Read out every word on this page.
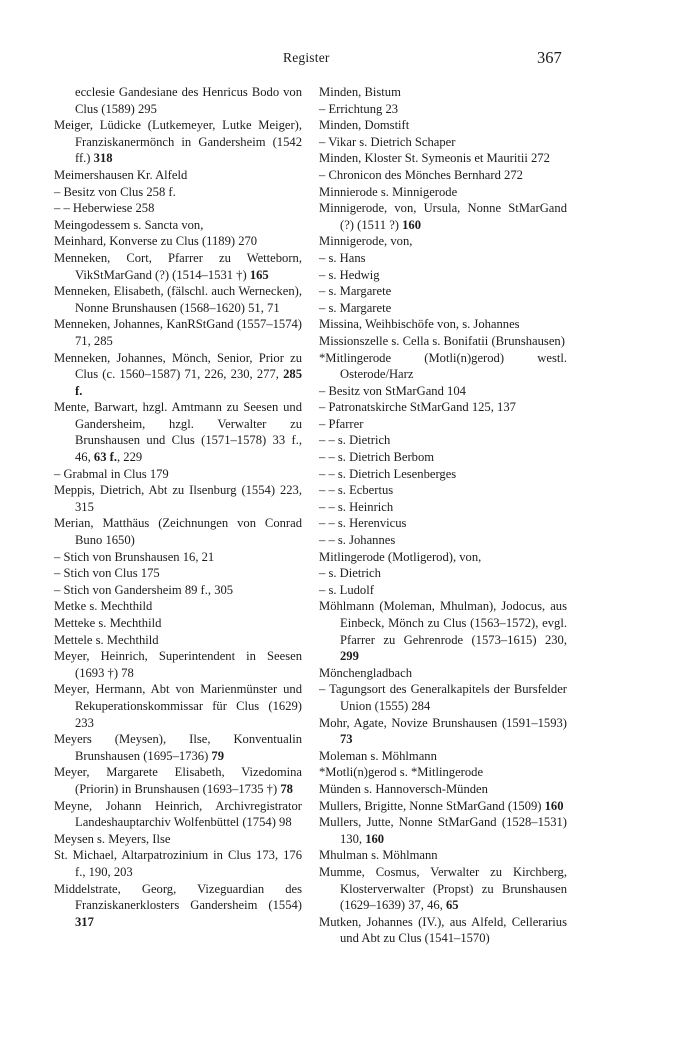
Register	367
ecclesie Gandesiane des Henricus Bodo von Clus (1589) 295
Meiger, Lüdicke (Lutkemeyer, Lutke Meiger), Franziskanermönch in Gandersheim (1542 ff.) 318
Meimershausen Kr. Alfeld
– Besitz von Clus 258 f.
– – Heberwiese 258
Meingodessem s. Sancta von,
Meinhard, Konverse zu Clus (1189) 270
Menneken, Cort, Pfarrer zu Wetteborn, VikStMarGand (?) (1514–1531 †) 165
Menneken, Elisabeth, (fälschl. auch Wernecken), Nonne Brunshausen (1568–1620) 51, 71
Menneken, Johannes, KanRStGand (1557–1574) 71, 285
Menneken, Johannes, Mönch, Senior, Prior zu Clus (c. 1560–1587) 71, 226, 230, 277, 285 f.
Mente, Barwart, hzgl. Amtmann zu Seesen und Gandersheim, hzgl. Verwalter zu Brunshausen und Clus (1571–1578) 33 f., 46, 63 f., 229
– Grabmal in Clus 179
Meppis, Dietrich, Abt zu Ilsenburg (1554) 223, 315
Merian, Matthäus (Zeichnungen von Conrad Buno 1650)
– Stich von Brunshausen 16, 21
– Stich von Clus 175
– Stich von Gandersheim 89 f., 305
Metke s. Mechthild
Metteke s. Mechthild
Mettele s. Mechthild
Meyer, Heinrich, Superintendent in Seesen (1693 †) 78
Meyer, Hermann, Abt von Marienmünster und Rekuperationskommissar für Clus (1629) 233
Meyers (Meysen), Ilse, Konventualin Brunshausen (1695–1736) 79
Meyer, Margarete Elisabeth, Vizedomina (Priorin) in Brunshausen (1693–1735 †) 78
Meyne, Johann Heinrich, Archivregistrator Landeshauptarchiv Wolfenbüttel (1754) 98
Meysen s. Meyers, Ilse
St. Michael, Altarpatrozinium in Clus 173, 176 f., 190, 203
Middelstrate, Georg, Vizeguardian des Franziskanerklosters Gandersheim (1554) 317
Minden, Bistum
– Errichtung 23
Minden, Domstift
– Vikar s. Dietrich Schaper
Minden, Kloster St. Symeonis et Mauritii 272
– Chronicon des Mönches Bernhard 272
Minnierode s. Minnigerode
Minnigerode, von, Ursula, Nonne StMarGand (?) (1511 ?) 160
Minnigerode, von,
– s. Hans
– s. Hedwig
– s. Margarete
– s. Margarete
Missina, Weihbischöfe von, s. Johannes
Missionszelle s. Cella s. Bonifatii (Brunshausen)
*Mitlingerode (Motli(n)gerod) westl. Osterode/Harz
– Besitz von StMarGand 104
– Patronatskirche StMarGand 125, 137
– Pfarrer
– – s. Dietrich
– – s. Dietrich Berbom
– – s. Dietrich Lesenberges
– – s. Ecbertus
– – s. Heinrich
– – s. Herenvicus
– – s. Johannes
Mitlingerode (Motligerod), von,
– s. Dietrich
– s. Ludolf
Möhlmann (Moleman, Mhulman), Jodocus, aus Einbeck, Mönch zu Clus (1563–1572), evgl. Pfarrer zu Gehrenrode (1573–1615) 230, 299
Mönchengladbach
– Tagungsort des Generalkapitels der Bursfelder Union (1555) 284
Mohr, Agate, Novize Brunshausen (1591–1593) 73
Moleman s. Möhlmann
*Motli(n)gerod s. *Mitlingerode
Münden s. Hannoversch-Münden
Mullers, Brigitte, Nonne StMarGand (1509) 160
Mullers, Jutte, Nonne StMarGand (1528–1531) 130, 160
Mhulman s. Möhlmann
Mumme, Cosmus, Verwalter zu Kirchberg, Klosterverwalter (Propst) zu Brunshausen (1629–1639) 37, 46, 65
Mutken, Johannes (IV.), aus Alfeld, Cellerarius und Abt zu Clus (1541–1570)
